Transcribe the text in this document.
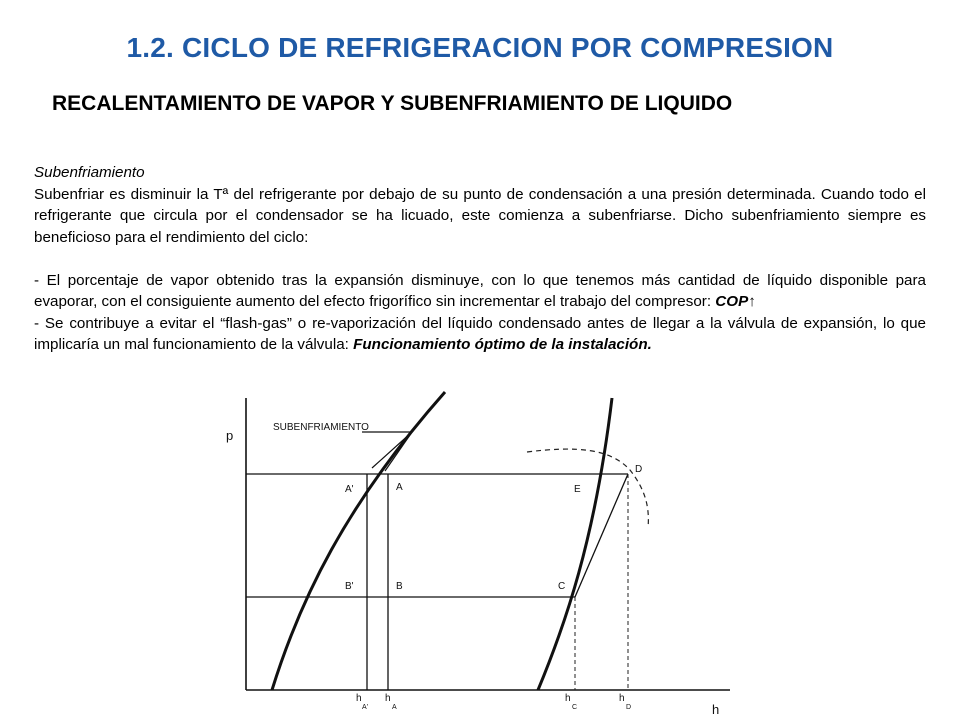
1.2. CICLO DE REFRIGERACION POR COMPRESION
RECALENTAMIENTO DE VAPOR Y SUBENFRIAMIENTO DE LIQUIDO

Subenfriamiento

Subenfriar es disminuir la Tª del refrigerante por debajo de su punto de condensación a una presión determinada. Cuando todo el refrigerante que circula por el condensador se ha licuado, este comienza a subenfriarse. Dicho subenfriamiento siempre es beneficioso para el rendimiento del ciclo:

- El porcentaje de vapor obtenido tras la expansión disminuye, con lo que tenemos más cantidad de líquido disponible para evaporar, con el consiguiente aumento del efecto frigorífico sin incrementar el trabajo del compresor: COP↑

- Se contribuye a evitar el “flash-gas” o re-vaporización del líquido condensado antes de llegar a la válvula de expansión, lo que implicaría un mal funcionamiento de la válvula: Funcionamiento óptimo de la instalación.

SUBENFRIAMIENTO
p
h
A'	A
B'	B	C
D
E
h
A'
h
A
h
C
h
D
